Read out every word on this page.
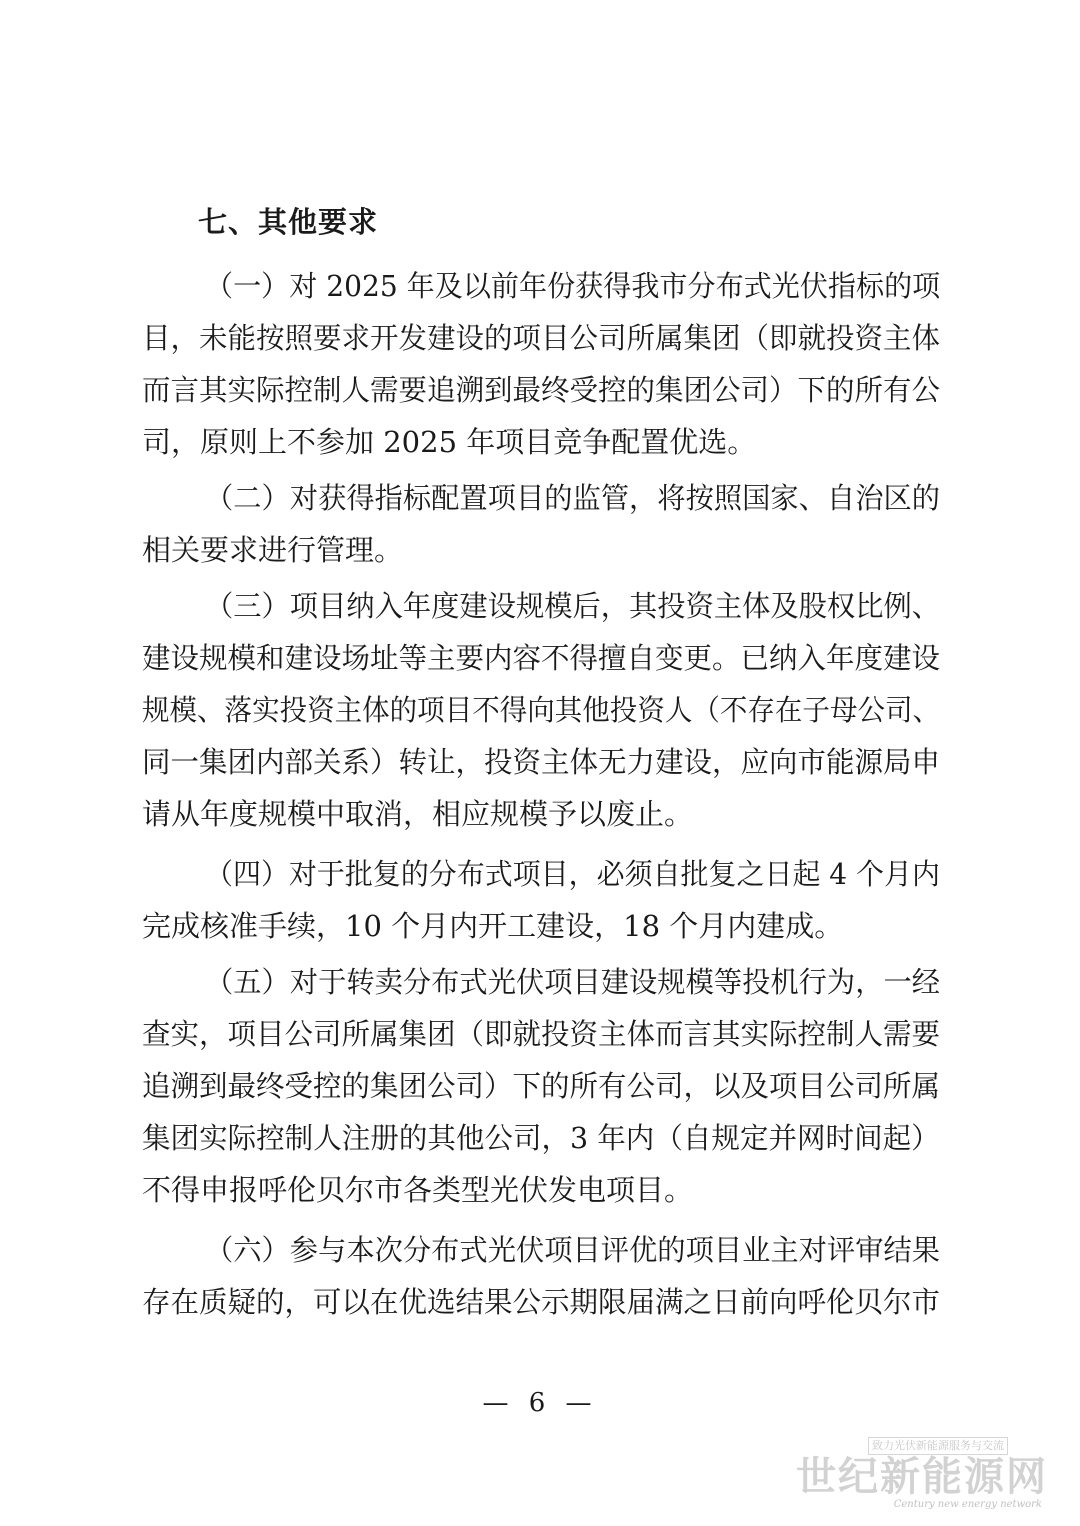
七、其他要求
（一）对 2025 年及以前年份获得我市分布式光伏指标的项
目，未能按照要求开发建设的项目公司所属集团（即就投资主体
而言其实际控制人需要追溯到最终受控的集团公司）下的所有公
司，原则上不参加 2025 年项目竞争配置优选。
（二）对获得指标配置项目的监管，将按照国家、自治区的
相关要求进行管理。
（三）项目纳入年度建设规模后，其投资主体及股权比例、
建设规模和建设场址等主要内容不得擅自变更。已纳入年度建设
规模、落实投资主体的项目不得向其他投资人（不存在子母公司、
同一集团内部关系）转让，投资主体无力建设，应向市能源局申
请从年度规模中取消，相应规模予以废止。
（四）对于批复的分布式项目，必须自批复之日起 4 个月内
完成核准手续，10 个月内开工建设，18 个月内建成。
（五）对于转卖分布式光伏项目建设规模等投机行为，一经
查实，项目公司所属集团（即就投资主体而言其实际控制人需要
追溯到最终受控的集团公司）下的所有公司，以及项目公司所属
集团实际控制人注册的其他公司，3 年内（自规定并网时间起）
不得申报呼伦贝尔市各类型光伏发电项目。
（六）参与本次分布式光伏项目评优的项目业主对评审结果
存在质疑的，可以在优选结果公示期限届满之日前向呼伦贝尔市
— 6 —
致力光伏新能源服务与交流
世纪新能源网
Century new energy network
